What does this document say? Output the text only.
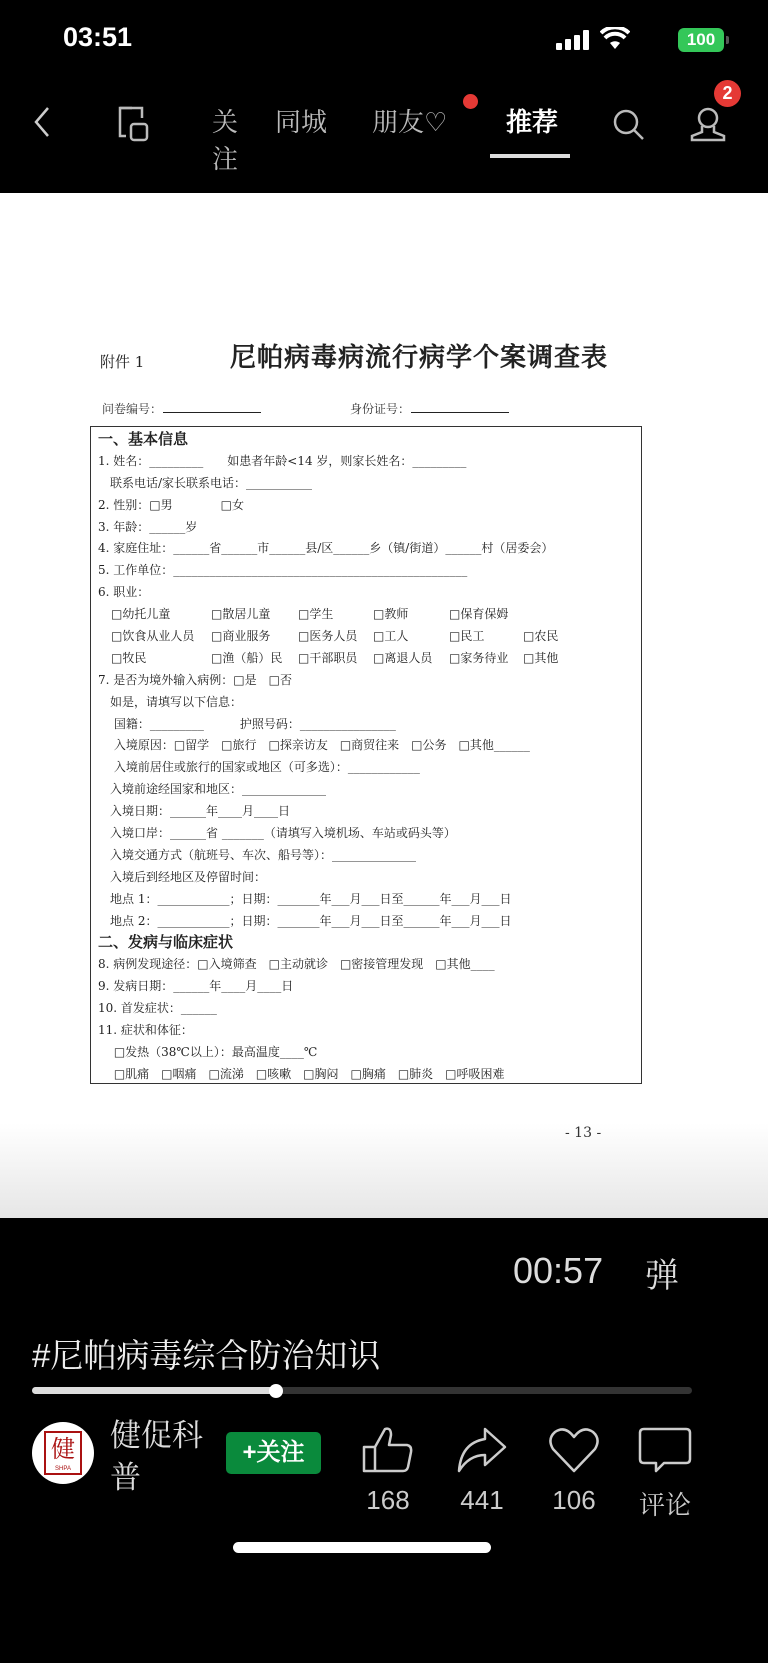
03:51	100
关注
同城 朋友♡ 推荐
2
附件 1	尼帕病毒病流行病学个案调查表
问卷编号：	身份证号：
一、基本信息
1. 姓名：_________　　如患者年龄<14 岁，则家长姓名：_________
　联系电话/家长联系电话：___________
2. 性别：□男　　　　□女
3. 年龄：______岁
4. 家庭住址：______省______市______县/区______乡（镇/街道）______村（居委会）
5. 工作单位：_________________________________________________
6. 职业：
□幼托儿童	□散居儿童 □学生	□教师	□保育保姆
□饮食从业人员 □商业服务 □医务人员 □工人	□民工	□农民
□牧民	□渔（船）民 □干部职员 □离退人员 □家务待业 □其他
7. 是否为境外输入病例：□是　□否
　如是，请填写以下信息：
　 国籍：_________　　　护照号码：________________
　 入境原因：□留学　□旅行　□探亲访友　□商贸往来　□公务　□其他______
　 入境前居住或旅行的国家或地区（可多选）：____________
　入境前途经国家和地区：______________
　入境日期：______年____月____日
　入境口岸：______省 _______（请填写入境机场、车站或码头等）
　入境交通方式（航班号、车次、船号等）：______________
　入境后到经地区及停留时间：
　地点 1：____________；日期：_______年___月___日至______年___月___日
　地点 2：____________；日期：_______年___月___日至______年___月___日
二、发病与临床症状
8. 病例发现途径：□入境筛查　□主动就诊　□密接管理发现　□其他____
9. 发病日期：______年____月____日
10. 首发症状：______
11. 症状和体征：
　 □发热（38℃以上）：最高温度____℃
　 □肌痛　□咽痛　□流涕　□咳嗽　□胸闷　□胸痛　□肺炎　□呼吸困难
- 13 -
00:57 弹
#尼帕病毒综合防治知识
健
SHPA
健促科普
+关注
168	441	106	评论
